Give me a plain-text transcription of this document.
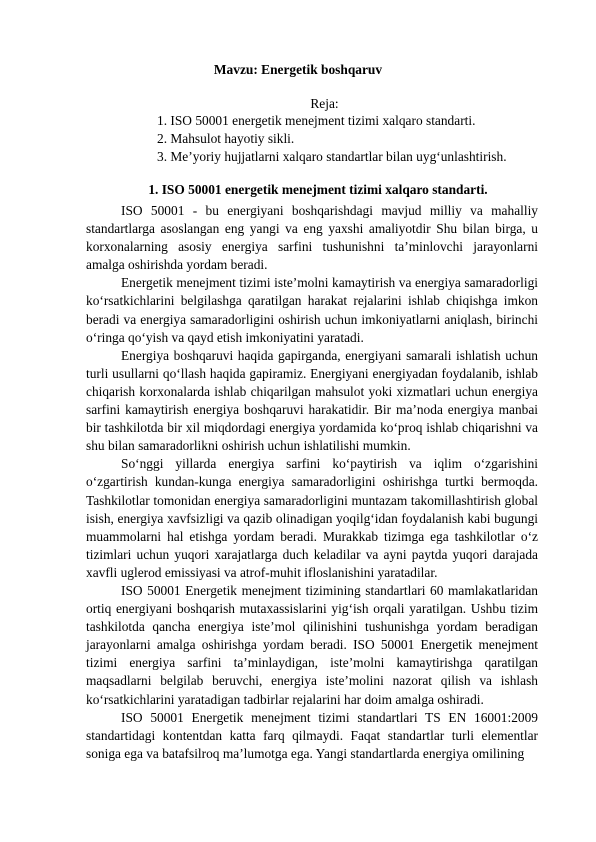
Mavzu: Energetik boshqaruv
Reja:
1. ISO 50001 energetik menejment tizimi xalqaro standarti.
2. Mahsulot hayotiy sikli.
3. Me’yoriy hujjatlarni xalqaro standartlar bilan uyg‘unlashtirish.
1. ISO 50001 energetik menejment tizimi xalqaro standarti.

ISO 50001 - bu energiyani boshqarishdagi mavjud milliy va mahalliy standartlarga asoslangan eng yangi va eng yaxshi amaliyotdir Shu bilan birga, u korxonalarning asosiy energiya sarfini tushunishni ta’minlovchi jarayonlarni amalga oshirishda yordam beradi.

Energetik menejment tizimi iste’molni kamaytirish va energiya samaradorligi ko‘rsatkichlarini belgilashga qaratilgan harakat rejalarini ishlab chiqishga imkon beradi va energiya samaradorligini oshirish uchun imkoniyatlarni aniqlash, birinchi o‘ringa qo‘yish va qayd etish imkoniyatini yaratadi.

Energiya boshqaruvi haqida gapirganda, energiyani samarali ishlatish uchun turli usullarni qo‘llash haqida gapiramiz. Energiyani energiyadan foydalanib, ishlab chiqarish korxonalarda ishlab chiqarilgan mahsulot yoki xizmatlari uchun energiya sarfini kamaytirish energiya boshqaruvi harakatidir. Bir ma’noda energiya manbai bir tashkilotda bir xil miqdordagi energiya yordamida ko‘proq ishlab chiqarishni va shu bilan samaradorlikni oshirish uchun ishlatilishi mumkin.

So‘nggi yillarda energiya sarfini ko‘paytirish va iqlim o‘zgarishini o‘zgartirish kundan-kunga energiya samaradorligini oshirishga turtki bermoqda. Tashkilotlar tomonidan energiya samaradorligini muntazam takomillashtirish global isish, energiya xavfsizligi va qazib olinadigan yoqilg‘idan foydalanish kabi bugungi muammolarni hal etishga yordam beradi. Murakkab tizimga ega tashkilotlar o‘z tizimlari uchun yuqori xarajatlarga duch keladilar va ayni paytda yuqori darajada xavfli uglerod emissiyasi va atrof-muhit ifloslanishini yaratadilar.

ISO 50001 Energetik menejment tizimining standartlari 60 mamlakatlaridan ortiq energiyani boshqarish mutaxassislarini yig‘ish orqali yaratilgan. Ushbu tizim tashkilotda qancha energiya iste’mol qilinishini tushunishga yordam beradigan jarayonlarni amalga oshirishga yordam beradi. ISO 50001 Energetik menejment tizimi energiya sarfini ta’minlaydigan, iste’molni kamaytirishga qaratilgan maqsadlarni belgilab beruvchi, energiya iste’molini nazorat qilish va ishlash ko‘rsatkichlarini yaratadigan tadbirlar rejalarini har doim amalga oshiradi.

ISO 50001 Energetik menejment tizimi standartlari TS EN 16001:2009 standartidagi kontentdan katta farq qilmaydi. Faqat standartlar turli elementlar soniga ega va batafsilroq ma’lumotga ega. Yangi standartlarda energiya omilining
